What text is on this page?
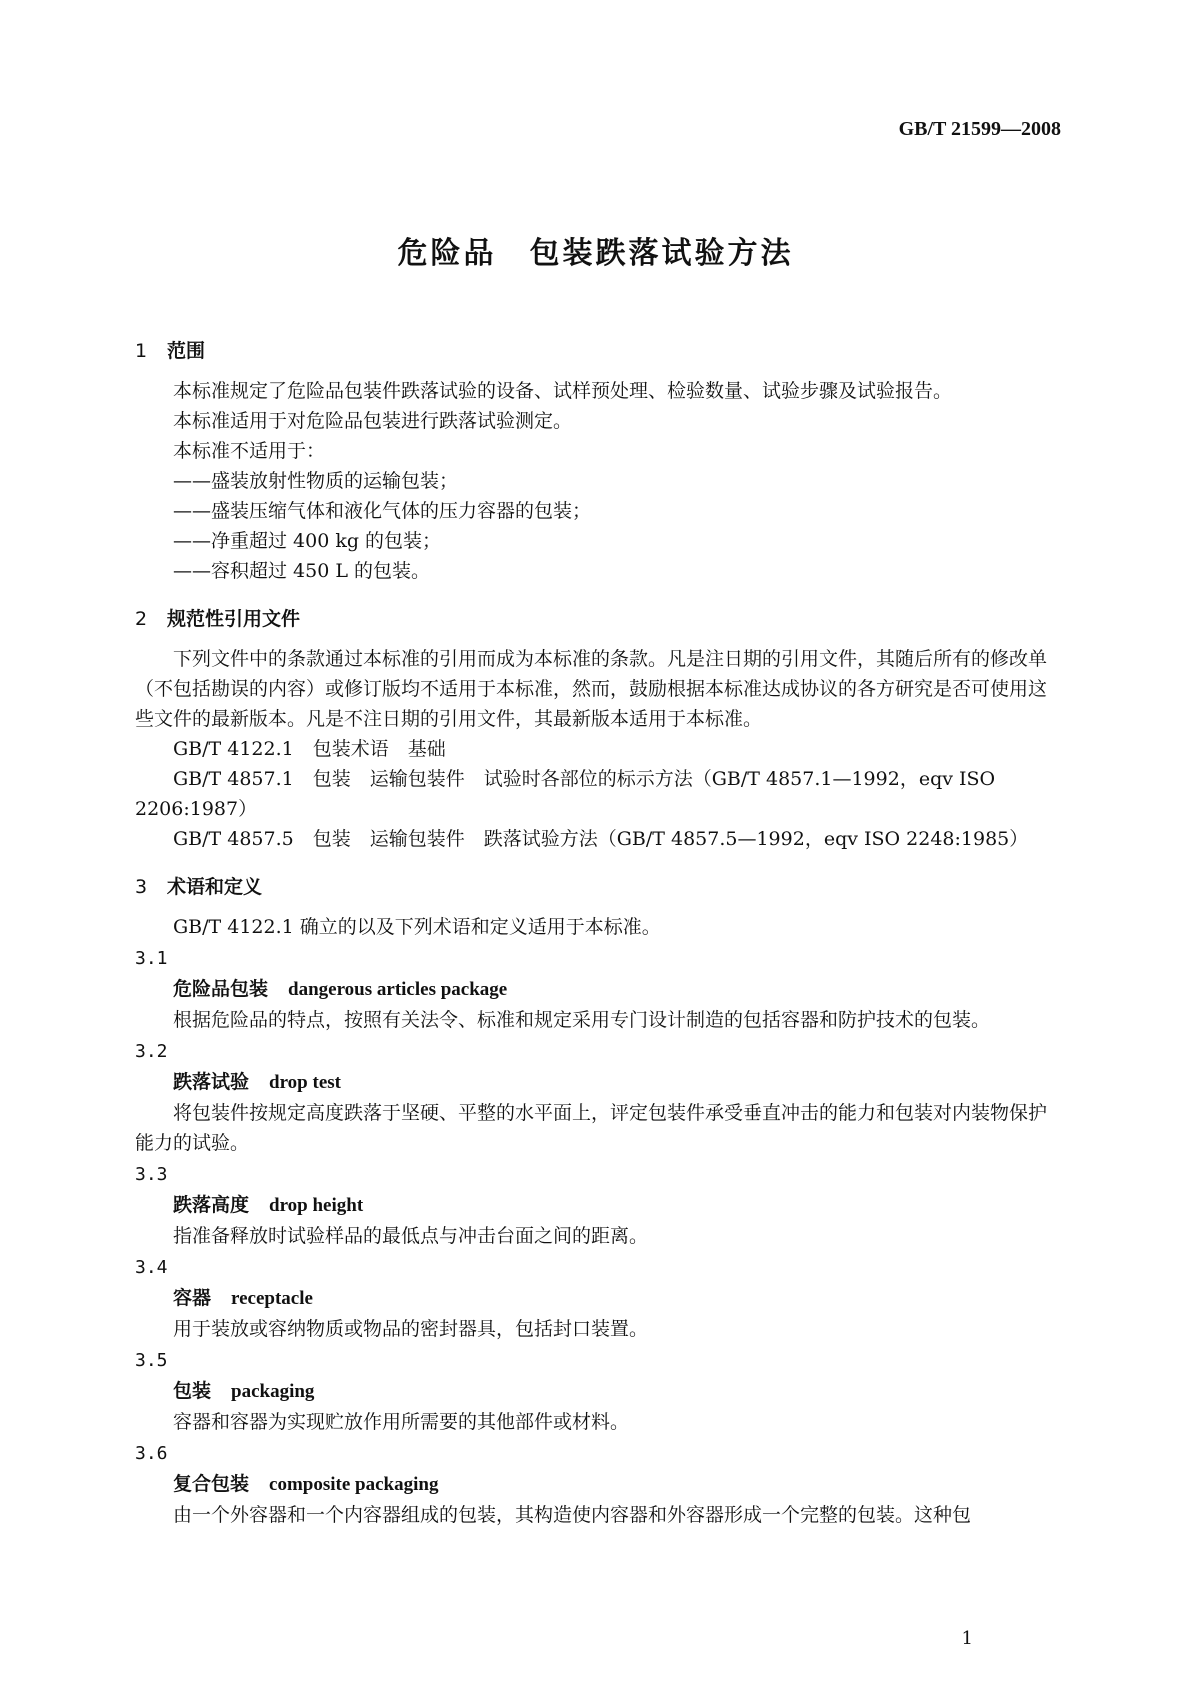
GB/T 21599—2008
危险品　包装跌落试验方法
1 范围

本标准规定了危险品包装件跌落试验的设备、试样预处理、检验数量、试验步骤及试验报告。

本标准适用于对危险品包装进行跌落试验测定。

本标准不适用于：

——盛装放射性物质的运输包装；

——盛装压缩气体和液化气体的压力容器的包装；

——净重超过 400 kg 的包装；

——容积超过 450 L 的包装。

2 规范性引用文件

下列文件中的条款通过本标准的引用而成为本标准的条款。凡是注日期的引用文件，其随后所有的修改单（不包括勘误的内容）或修订版均不适用于本标准，然而，鼓励根据本标准达成协议的各方研究是否可使用这些文件的最新版本。凡是不注日期的引用文件，其最新版本适用于本标准。

GB/T 4122.1　包装术语　基础

GB/T 4857.1　包装　运输包装件　试验时各部位的标示方法（GB/T 4857.1—1992，eqv ISO 2206:1987）

GB/T 4857.5　包装　运输包装件　跌落试验方法（GB/T 4857.5—1992，eqv ISO 2248:1985）

3 术语和定义

GB/T 4122.1 确立的以及下列术语和定义适用于本标准。

3.1

危险品包装 dangerous articles package

根据危险品的特点，按照有关法令、标准和规定采用专门设计制造的包括容器和防护技术的包装。

3.2

跌落试验 drop test

将包装件按规定高度跌落于坚硬、平整的水平面上，评定包装件承受垂直冲击的能力和包装对内装物保护能力的试验。

3.3

跌落高度 drop height

指准备释放时试验样品的最低点与冲击台面之间的距离。

3.4

容器 receptacle

用于装放或容纳物质或物品的密封器具，包括封口装置。

3.5

包装 packaging

容器和容器为实现贮放作用所需要的其他部件或材料。

3.6

复合包装 composite packaging

由一个外容器和一个内容器组成的包装，其构造使内容器和外容器形成一个完整的包装。这种包

1
